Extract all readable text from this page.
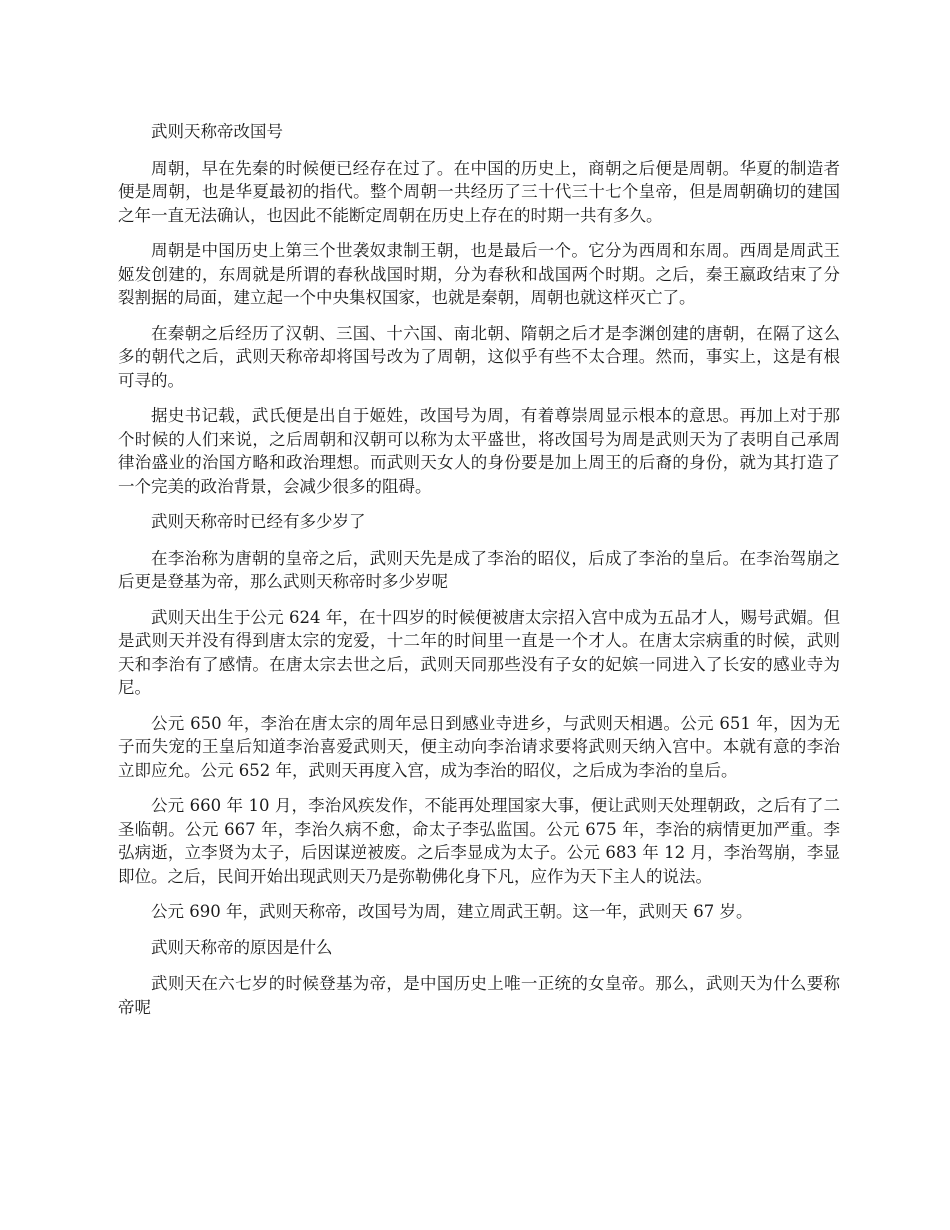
武则天称帝改国号

周朝，早在先秦的时候便已经存在过了。在中国的历史上，商朝之后便是周朝。华夏的制造者便是周朝，也是华夏最初的指代。整个周朝一共经历了三十代三十七个皇帝，但是周朝确切的建国之年一直无法确认，也因此不能断定周朝在历史上存在的时期一共有多久。

周朝是中国历史上第三个世袭奴隶制王朝，也是最后一个。它分为西周和东周。西周是周武王姬发创建的，东周就是所谓的春秋战国时期，分为春秋和战国两个时期。之后，秦王嬴政结束了分裂割据的局面，建立起一个中央集权国家，也就是秦朝，周朝也就这样灭亡了。

在秦朝之后经历了汉朝、三国、十六国、南北朝、隋朝之后才是李渊创建的唐朝，在隔了这么多的朝代之后，武则天称帝却将国号改为了周朝，这似乎有些不太合理。然而，事实上，这是有根可寻的。

据史书记载，武氏便是出自于姬姓，改国号为周，有着尊崇周显示根本的意思。再加上对于那个时候的人们来说，之后周朝和汉朝可以称为太平盛世，将改国号为周是武则天为了表明自己承周律治盛业的治国方略和政治理想。而武则天女人的身份要是加上周王的后裔的身份，就为其打造了一个完美的政治背景，会减少很多的阻碍。

武则天称帝时已经有多少岁了

在李治称为唐朝的皇帝之后，武则天先是成了李治的昭仪，后成了李治的皇后。在李治驾崩之后更是登基为帝，那么武则天称帝时多少岁呢

武则天出生于公元 624 年，在十四岁的时候便被唐太宗招入宫中成为五品才人，赐号武媚。但是武则天并没有得到唐太宗的宠爱，十二年的时间里一直是一个才人。在唐太宗病重的时候，武则天和李治有了感情。在唐太宗去世之后，武则天同那些没有子女的妃嫔一同进入了长安的感业寺为尼。

公元 650 年，李治在唐太宗的周年忌日到感业寺进乡，与武则天相遇。公元 651 年，因为无子而失宠的王皇后知道李治喜爱武则天，便主动向李治请求要将武则天纳入宫中。本就有意的李治立即应允。公元 652 年，武则天再度入宫，成为李治的昭仪，之后成为李治的皇后。

公元 660 年 10 月，李治风疾发作，不能再处理国家大事，便让武则天处理朝政，之后有了二圣临朝。公元 667 年，李治久病不愈，命太子李弘监国。公元 675 年，李治的病情更加严重。李弘病逝，立李贤为太子，后因谋逆被废。之后李显成为太子。公元 683 年 12 月，李治驾崩，李显即位。之后，民间开始出现武则天乃是弥勒佛化身下凡，应作为天下主人的说法。

公元 690 年，武则天称帝，改国号为周，建立周武王朝。这一年，武则天 67 岁。

武则天称帝的原因是什么

武则天在六七岁的时候登基为帝，是中国历史上唯一正统的女皇帝。那么，武则天为什么要称帝呢
